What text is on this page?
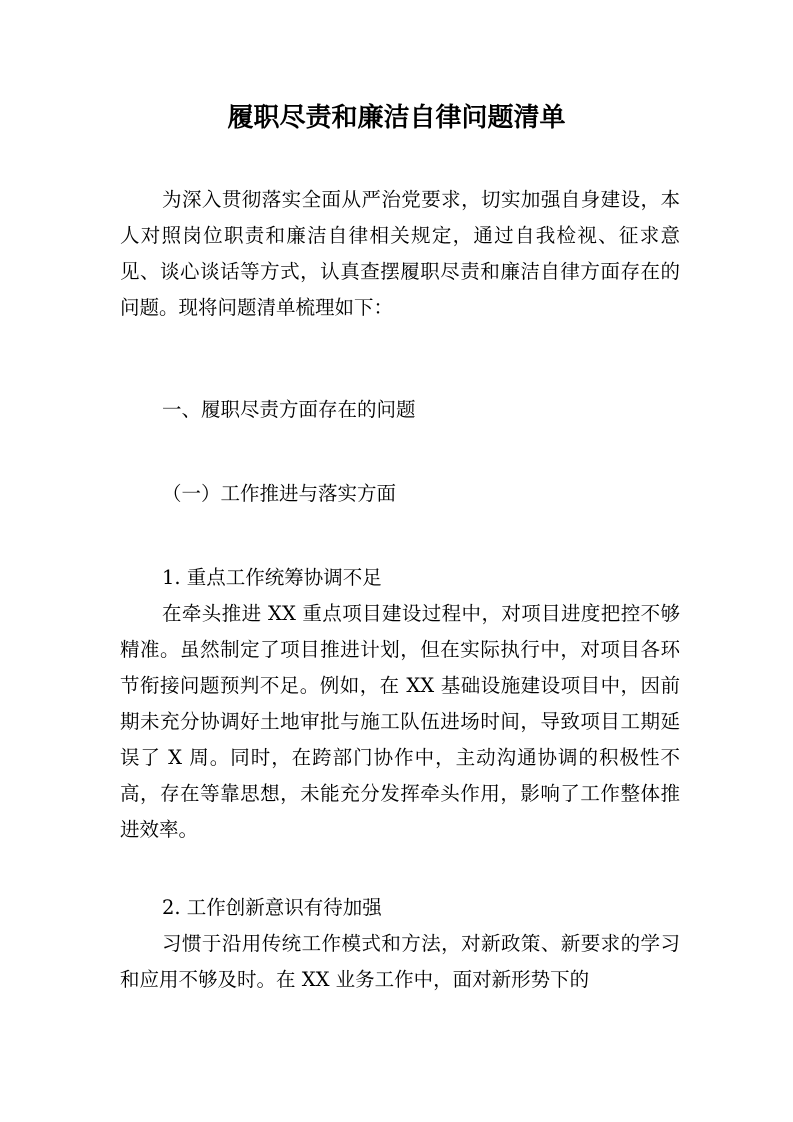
履职尽责和廉洁自律问题清单

为深入贯彻落实全面从严治党要求，切实加强自身建设，本人对照岗位职责和廉洁自律相关规定，通过自我检视、征求意见、谈心谈话等方式，认真查摆履职尽责和廉洁自律方面存在的问题。现将问题清单梳理如下：

一、履职尽责方面存在的问题

（一）工作推进与落实方面

1. 重点工作统筹协调不足

在牵头推进 XX 重点项目建设过程中，对项目进度把控不够精准。虽然制定了项目推进计划，但在实际执行中，对项目各环节衔接问题预判不足。例如，在 XX 基础设施建设项目中，因前期未充分协调好土地审批与施工队伍进场时间，导致项目工期延误了 X 周。同时，在跨部门协作中，主动沟通协调的积极性不高，存在等靠思想，未能充分发挥牵头作用，影响了工作整体推进效率。

2. 工作创新意识有待加强

习惯于沿用传统工作模式和方法，对新政策、新要求的学习和应用不够及时。在 XX 业务工作中，面对新形势下的
